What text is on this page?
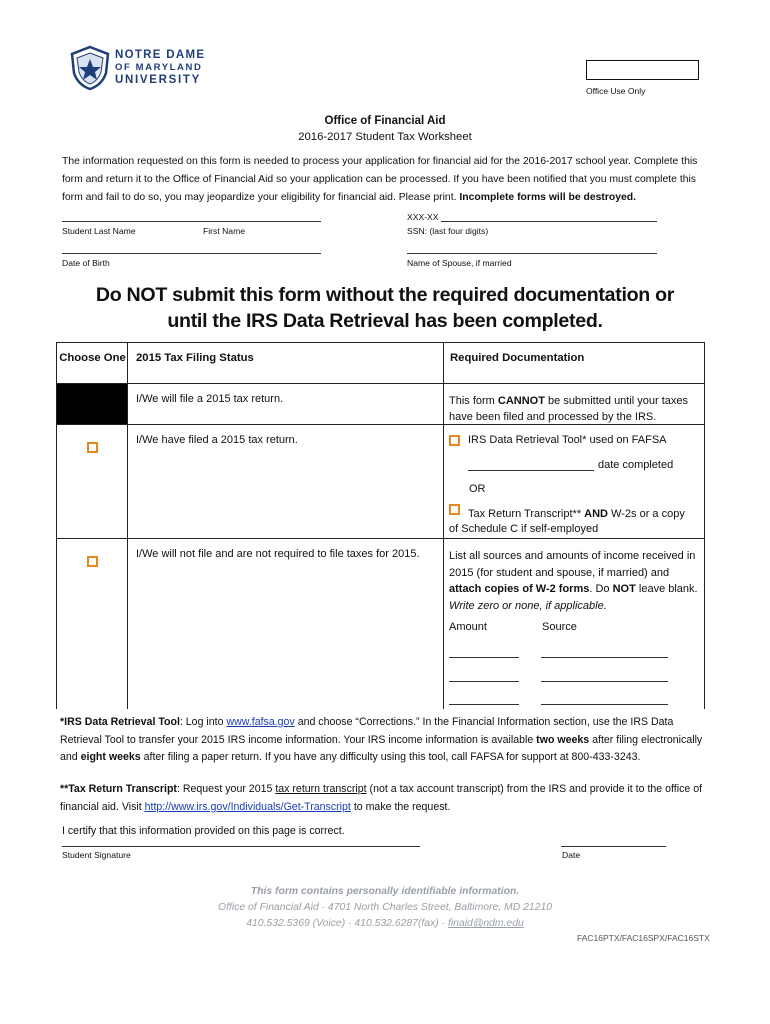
NOTRE DAME
OF MARYLAND
UNIVERSITY
Office Use Only
Office of Financial Aid
2016-2017 Student Tax Worksheet
The information requested on this form is needed to process your application for financial aid for the 2016-2017 school year. Complete this form and return it to the Office of Financial Aid so your application can be processed. If you have been notified that you must complete this form and fail to do so, you may jeopardize your eligibility for financial aid. Please print. Incomplete forms will be destroyed.
Student Last Name	First Name
XXX-XX
SSN: (last four digits)
Date of Birth	Name of Spouse, if married
Do NOT submit this form without the required documentation or
until the IRS Data Retrieval has been completed.
Choose One 2015 Tax Filing Status	Required Documentation
I/We will file a 2015 tax return.	This form CANNOT be submitted until your taxes have been filed and processed by the IRS.
I/We have filed a 2015 tax return.	IRS Data Retrieval Tool* used on FAFSA
date completed
OR
Tax Return Transcript** AND W-2s or a copy
of Schedule C if self-employed
I/We will not file and are not required to file taxes for 2015.	List all sources and amounts of income received in 2015 (for student and spouse, if married) and attach copies of W-2 forms. Do NOT leave blank. Write zero or none, if applicable.
Amount	Source
*IRS Data Retrieval Tool: Log into www.fafsa.gov and choose “Corrections.” In the Financial Information section, use the IRS Data Retrieval Tool to transfer your 2015 IRS income information. Your IRS income information is available two weeks after filing electronically and eight weeks after filing a paper return. If you have any difficulty using this tool, call FAFSA for support at 800-433-3243.
**Tax Return Transcript: Request your 2015 tax return transcript (not a tax account transcript) from the IRS and provide it to the office of financial aid. Visit http://www.irs.gov/Individuals/Get-Transcript to make the request.
I certify that this information provided on this page is correct.
Student Signature	Date
This form contains personally identifiable information.
Office of Financial Aid · 4701 North Charles Street, Baltimore, MD 21210
410.532.5369 (Voice) · 410.532.6287(fax) · finaid@ndm.edu
FAC16PTX/FAC16SPX/FAC16STX
